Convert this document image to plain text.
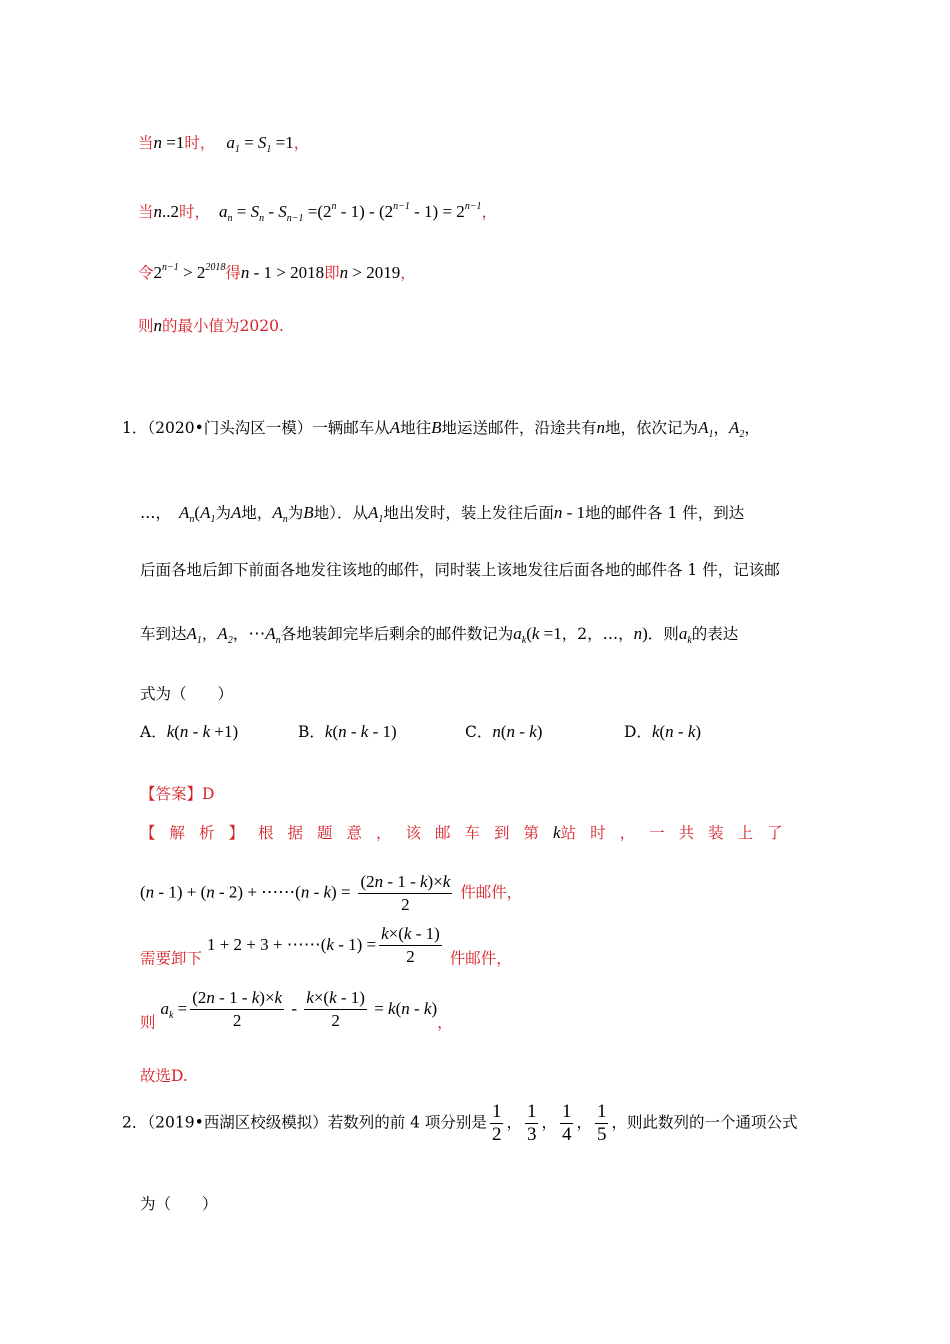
当n =1时， $a_1 = S_1 =1$，
当n..2时， $a_n = S_n - S_{n-1} =(2^n - 1) - (2^{n-1} - 1) = 2^{n-1}$，
令$2^{n-1} > 2^{2018}$得n - 1 > 2018即n > 2019，
则n的最小值为2020.
1．（2020•门头沟区一模）一辆邮车从A地往B地运送邮件，沿途共有n地，依次记为$A_1$，$A_2$，
…， $A_n(A_1$为A地，$A_n$为B地）．从$A_1$地出发时，装上发往后面n - 1地的邮件各 1 件，到达
后面各地后卸下前面各地发往该地的邮件，同时装上该地发往后面各地的邮件各 1 件，记该邮
车到达$A_1$，$A_2$，$\cdots A_n$各地装卸完毕后剩余的邮件数记为$a_k(k =1$，2，…，n)．则$a_k$的表达
式为（　　）
A．k(n - k +1)	B．k(n - k - 1)	C．n(n - k)	D．k(n - k)
【答案】D
【解析】根据题意，该邮车到第k站时，一共装上了
(n - 1) + (n - 2) + ⋯⋯(n - $k) = \frac{(2n - 1 - k)\times k}{2}$ 件邮件，
需要卸下 1 + 2 + 3 + ⋯⋯(k - $1) = \frac{k\times(k - 1)}{2}$ 件邮件，
则 $a_k = \frac{(2n - 1 - k)\times k}{2} - \frac{k\times(k - 1)}{2} = k(n - k)$，
故选D.
2．（2019•西湖区校级模拟）若数列的前 4 项分别是 $\frac{1}{2}$ ， $\frac{1}{3}$ ， $\frac{1}{4}$ ， $\frac{1}{5}$ ，则此数列的一个通项公式
为（　　）
